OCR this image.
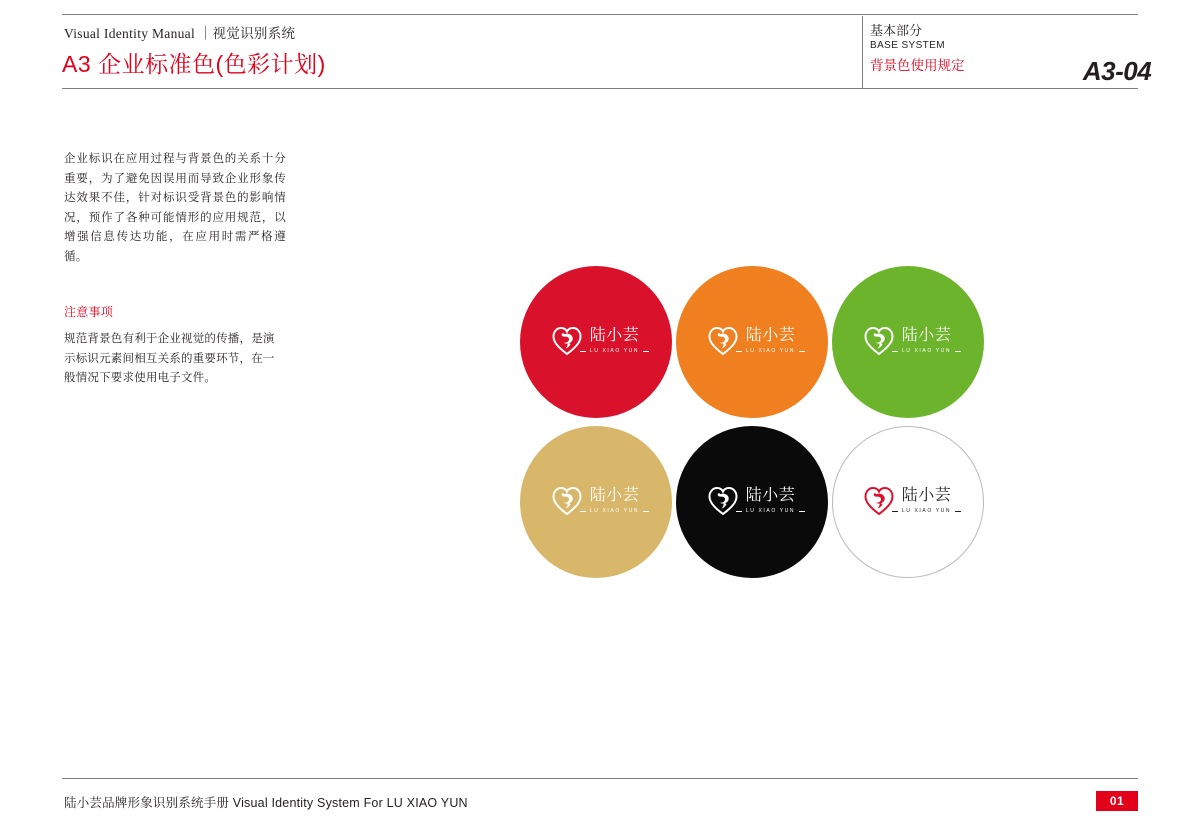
Visual Identity Manual ｜视觉识别系统
A3 企业标准色(色彩计划)
基本部分
BASE SYSTEM
背景色使用规定	A3-04
企业标识在应用过程与背景色的关系十分重要，为了避免因误用而导致企业形象传达效果不佳，针对标识受背景色的影响情况，预作了各种可能情形的应用规范，以增强信息传达功能，在应用时需严格遵循。
注意事项
规范背景色有利于企业视觉的传播，是演示标识元素间相互关系的重要环节，在一般情况下要求使用电子文件。
陆小芸
LU XIAO YUN
陆小芸
LU XIAO YUN
陆小芸
LU XIAO YUN
陆小芸
LU XIAO YUN
陆小芸
LU XIAO YUN
陆小芸
LU XIAO YUN
陆小芸品牌形象识别系统手册 Visual Identity System For LU XIAO YUN	01
